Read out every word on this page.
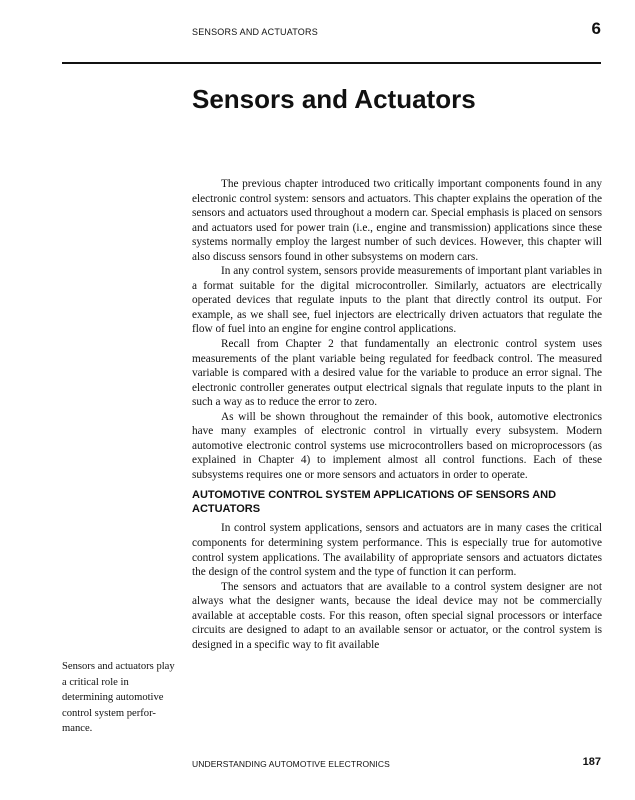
SENSORS AND ACTUATORS	6
Sensors and Actuators

The previous chapter introduced two critically important components found in any electronic control system: sensors and actuators. This chapter explains the operation of the sensors and actuators used throughout a modern car. Special emphasis is placed on sensors and actuators used for power train (i.e., engine and transmission) applications since these systems normally employ the largest number of such devices. However, this chapter will also discuss sensors found in other subsystems on modern cars.

In any control system, sensors provide measurements of important plant variables in a format suitable for the digital microcontroller. Similarly, actuators are electrically operated devices that regulate inputs to the plant that directly control its output. For example, as we shall see, fuel injectors are electrically driven actuators that regulate the flow of fuel into an engine for engine control applications.

Recall from Chapter 2 that fundamentally an electronic control system uses measurements of the plant variable being regulated for feedback control. The measured variable is compared with a desired value for the variable to produce an error signal. The electronic controller generates output electrical signals that regulate inputs to the plant in such a way as to reduce the error to zero.

As will be shown throughout the remainder of this book, automotive electronics have many examples of electronic control in virtually every subsystem. Modern automotive electronic control systems use microcontrollers based on microprocessors (as explained in Chapter 4) to implement almost all control functions. Each of these subsystems requires one or more sensors and actuators in order to operate.

AUTOMOTIVE CONTROL SYSTEM APPLICATIONS OF SENSORS AND ACTUATORS

In control system applications, sensors and actuators are in many cases the critical components for determining system performance. This is especially true for automotive control system applications. The availability of appropriate sensors and actuators dictates the design of the control system and the type of function it can perform.

The sensors and actuators that are available to a control system designer are not always what the designer wants, because the ideal device may not be commercially available at acceptable costs. For this reason, often special signal processors or interface circuits are designed to adapt to an available sensor or actuator, or the control system is designed in a specific way to fit available

Sensors and actuators play a critical role in determining automotive control system perfor-mance.
UNDERSTANDING AUTOMOTIVE ELECTRONICS	187
